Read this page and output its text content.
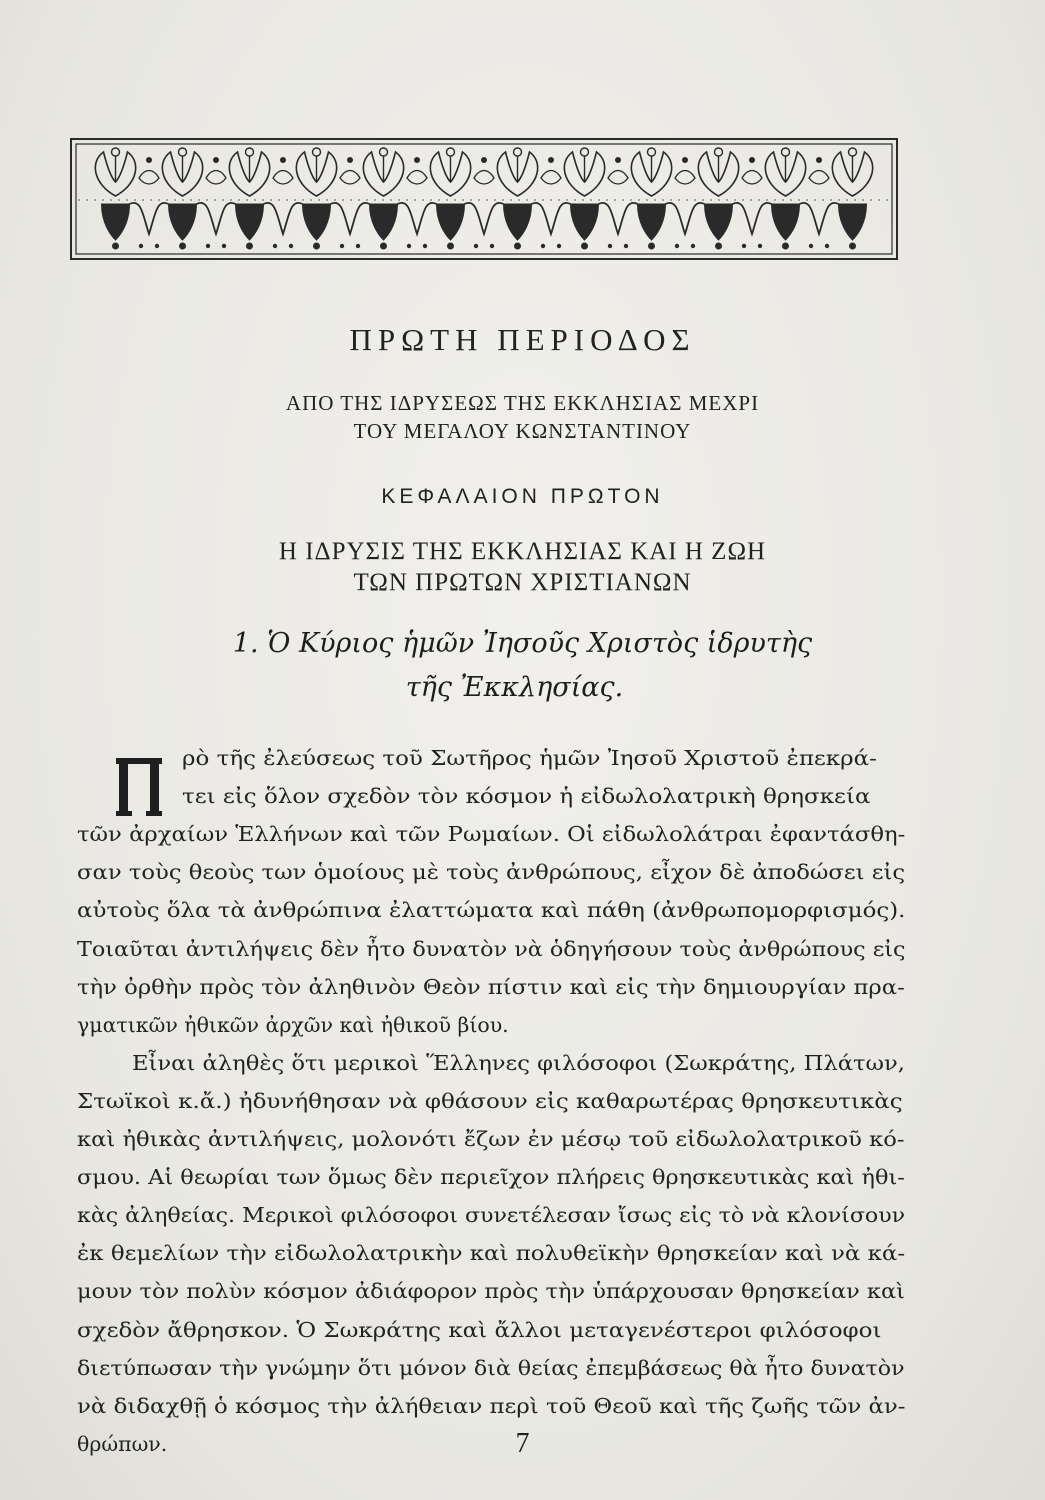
ΠΡΩΤΗ ΠΕΡΙΟΔΟΣ
ΑΠΟ ΤΗΣ ΙΔΡΥΣΕΩΣ ΤΗΣ ΕΚΚΛΗΣΙΑΣ ΜΕΧΡΙ
ΤΟΥ ΜΕΓΑΛΟΥ ΚΩΝΣΤΑΝΤΙΝΟΥ
ΚΕΦΑΛΑΙΟΝ ΠΡΩΤΟΝ
Η ΙΔΡΥΣΙΣ ΤΗΣ ΕΚΚΛΗΣΙΑΣ ΚΑΙ Η ΖΩΗ
ΤΩΝ ΠΡΩΤΩΝ ΧΡΙΣΤΙΑΝΩΝ
1. Ὁ Κύριος ἡμῶν Ἰησοῦς Χριστὸς ἱδρυτὴς
τῆς Ἐκκλησίας.
ρὸ τῆς ἐλεύσεως τοῦ Σωτῆρος ἡμῶν Ἰησοῦ Χριστοῦ ἐπεκρά-
τει εἰς ὅλον σχεδὸν τὸν κόσμον ἡ εἰδωλολατρικὴ θρησκεία
τῶν ἀρχαίων Ἑλλήνων καὶ τῶν Ρωμαίων. Οἱ εἰδωλολάτραι ἐφαντάσθη-
σαν τοὺς θεοὺς των ὁμοίους μὲ τοὺς ἀνθρώπους, εἶχον δὲ ἀποδώσει εἰς
αὐτοὺς ὅλα τὰ ἀνθρώπινα ἐλαττώματα καὶ πάθη (ἀνθρωπομορφισμός).
Τοιαῦται ἀντιλήψεις δὲν ἦτο δυνατὸν νὰ ὁδηγήσουν τοὺς ἀνθρώπους εἰς
τὴν ὀρθὴν πρὸς τὸν ἀληθινὸν Θεὸν πίστιν καὶ εἰς τὴν δημιουργίαν πρα-
γματικῶν ἠθικῶν ἀρχῶν καὶ ἠθικοῦ βίου.
Εἶναι ἀληθὲς ὅτι μερικοὶ Ἕλληνες φιλόσοφοι (Σωκράτης, Πλάτων,
Στωϊκοὶ κ.ἄ.) ἠδυνήθησαν νὰ φθάσουν εἰς καθαρωτέρας θρησκευτικὰς
καὶ ἠθικὰς ἀντιλήψεις, μολονότι ἔζων ἐν μέσῳ τοῦ εἰδωλολατρικοῦ κό-
σμου. Αἱ θεωρίαι των ὅμως δὲν περιεῖχον πλήρεις θρησκευτικὰς καὶ ἠθι-
κὰς ἀληθείας. Μερικοὶ φιλόσοφοι συνετέλεσαν ἴσως εἰς τὸ νὰ κλονίσουν
ἐκ θεμελίων τὴν εἰδωλολατρικὴν καὶ πολυθεϊκὴν θρησκείαν καὶ νὰ κά-
μουν τὸν πολὺν κόσμον ἀδιάφορον πρὸς τὴν ὑπάρχουσαν θρησκείαν καὶ
σχεδὸν ἄθρησκον. Ὁ Σωκράτης καὶ ἄλλοι μεταγενέστεροι φιλόσοφοι
διετύπωσαν τὴν γνώμην ὅτι μόνον διὰ θείας ἐπεμβάσεως θὰ ἦτο δυνατὸν
νὰ διδαχθῇ ὁ κόσμος τὴν ἀλήθειαν περὶ τοῦ Θεοῦ καὶ τῆς ζωῆς τῶν ἀν-
θρώπων.	7
